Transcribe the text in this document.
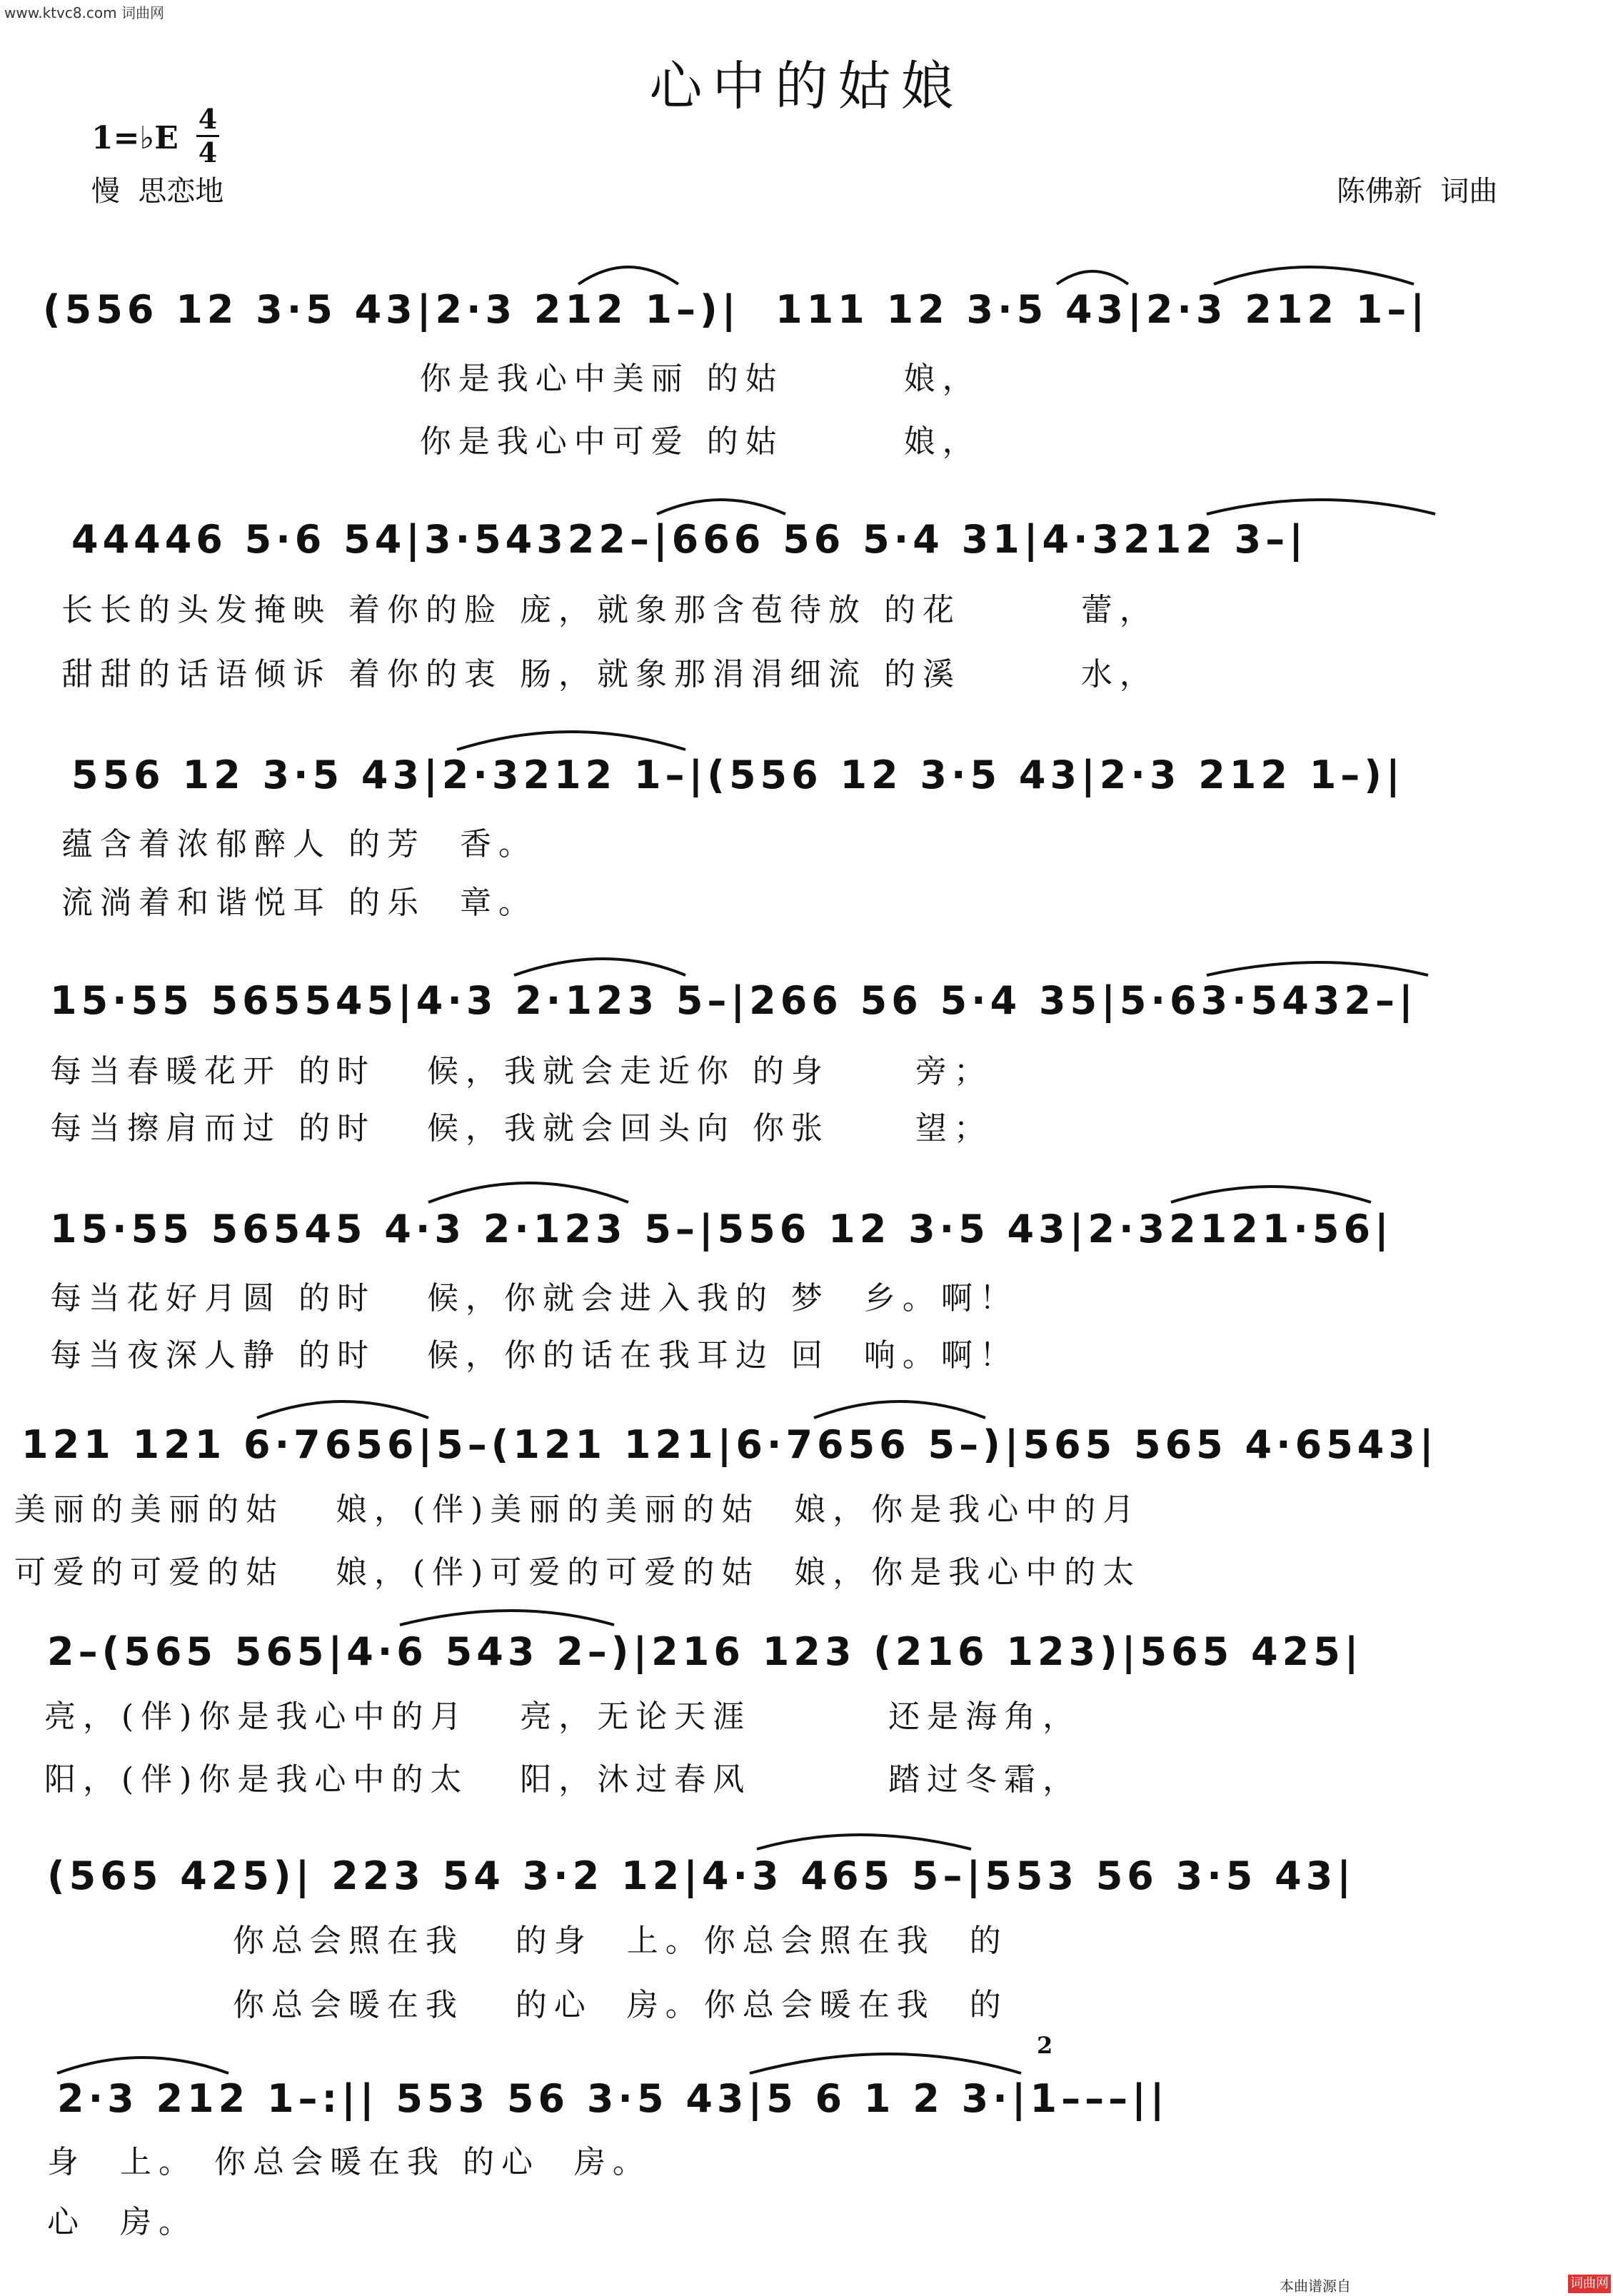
www.ktvc8.com 词曲网
心中的姑娘
1=♭E
4
4
慢  思恋地	陈佛新  词曲
(556 12 3·5 43|2·3 212 1–)|  111 12 3·5 43|2·3 212 1–|
你是我心中美丽 的姑       娘，
你是我心中可爱 的姑       娘，
44446 5·6 54|3·54322–|666 56 5·4 31|4·3212 3–|
长长的头发掩映 着你的脸 庞，就象那含苞待放 的花       蕾，
甜甜的话语倾诉 着你的衷 肠，就象那涓涓细流 的溪       水，
556 12 3·5 43|2·3212 1–|(556 12 3·5 43|2·3 212 1–)|
蕴含着浓郁醉人 的芳  香。
流淌着和谐悦耳 的乐  章。
15·55 565545|4·3 2·123 5–|266 56 5·4 35|5·63·5432–|
每当春暖花开 的时   候，我就会走近你 的身     旁；
每当擦肩而过 的时   候，我就会回头向 你张     望；
15·55 56545 4·3 2·123 5–|556 12 3·5 43|2·32121·56|
每当花好月圆 的时   候，你就会进入我的 梦  乡。啊！
每当夜深人静 的时   候，你的话在我耳边 回  响。啊！
121 121 6·7656|5–(121 121|6·7656 5–)|565 565 4·6543|
美丽的美丽的姑   娘，(伴)美丽的美丽的姑  娘，你是我心中的月
可爱的可爱的姑   娘，(伴)可爱的可爱的姑  娘，你是我心中的太
2–(565 565|4·6 543 2–)|216 123 (216 123)|565 425|
亮，(伴)你是我心中的月   亮，无论天涯        还是海角，
阳，(伴)你是我心中的太   阳，沐过春风        踏过冬霜，
(565 425)| 223 54 3·2 12|4·3 465 5–|553 56 3·5 43|
你总会照在我   的身  上。你总会照在我  的
你总会暖在我   的心  房。你总会暖在我  的
2
2·3 212 1–:|| 553 56 3·5 43|5 6 1 2 3·|1–––||
身  上。 你总会暖在我 的心  房。
心  房。
本曲谱源自	词曲网
